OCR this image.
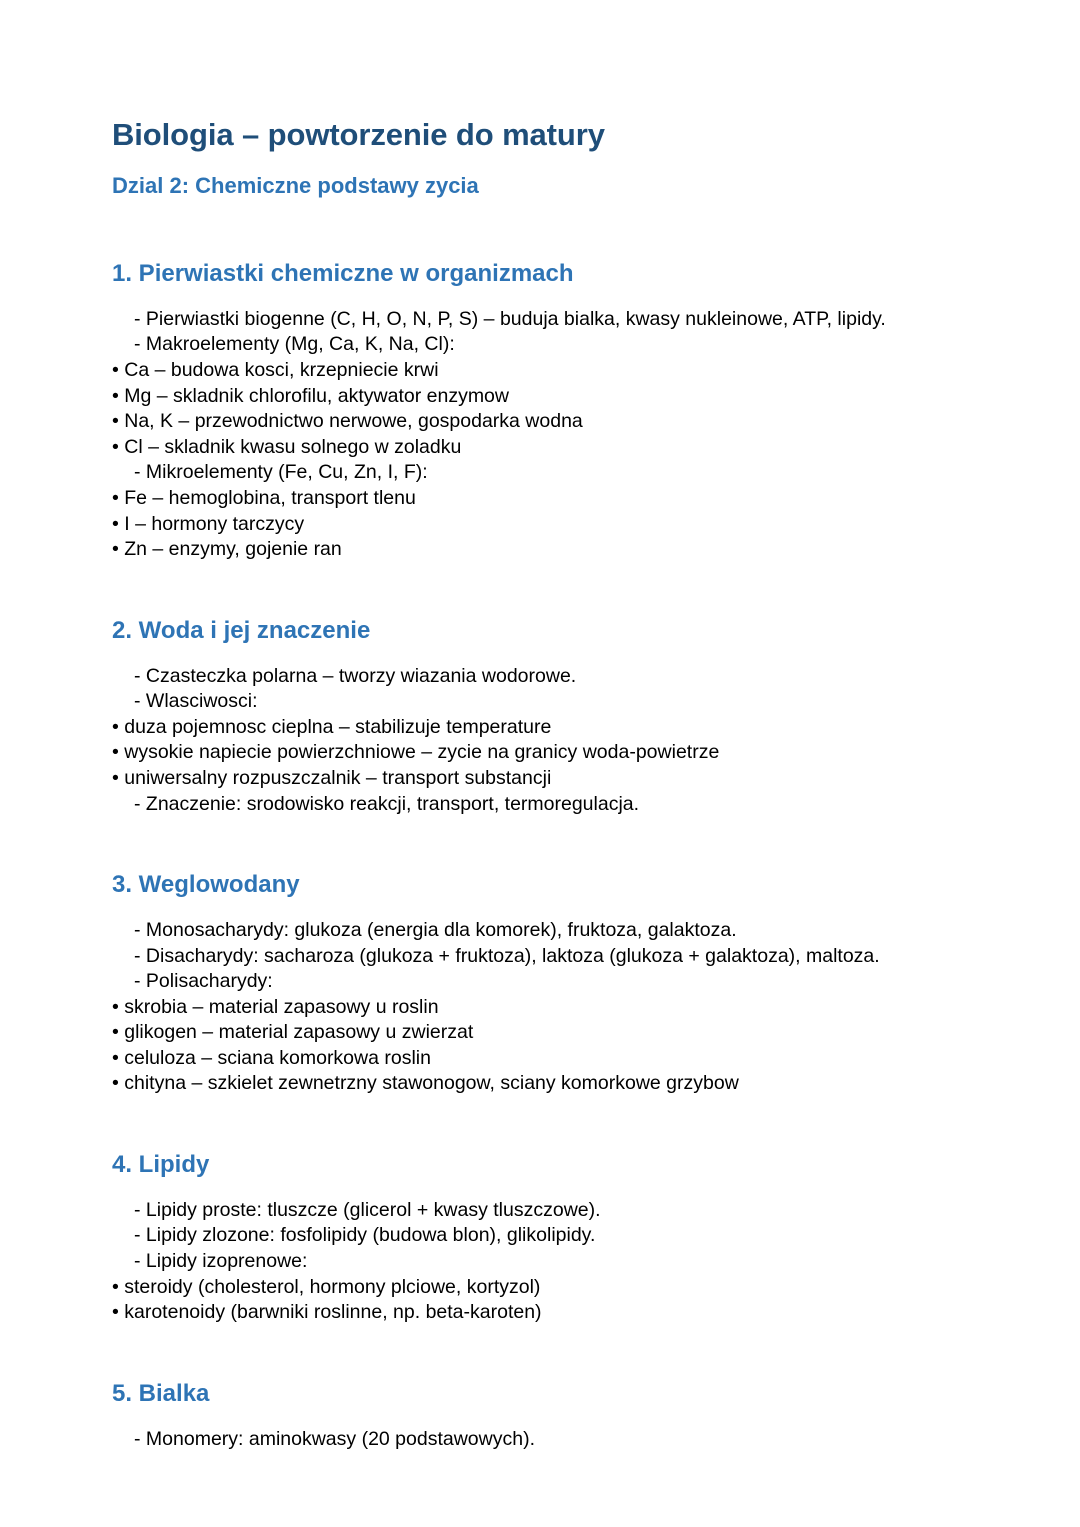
Biologia – powtorzenie do matury
Dzial 2: Chemiczne podstawy zycia
1. Pierwiastki chemiczne w organizmach
- Pierwiastki biogenne (C, H, O, N, P, S) – buduja bialka, kwasy nukleinowe, ATP, lipidy.
- Makroelementy (Mg, Ca, K, Na, Cl):
• Ca – budowa kosci, krzepniecie krwi
• Mg – skladnik chlorofilu, aktywator enzymow
• Na, K – przewodnictwo nerwowe, gospodarka wodna
• Cl – skladnik kwasu solnego w zoladku
- Mikroelementy (Fe, Cu, Zn, I, F):
• Fe – hemoglobina, transport tlenu
• I – hormony tarczycy
• Zn – enzymy, gojenie ran
2. Woda i jej znaczenie
- Czasteczka polarna – tworzy wiazania wodorowe.
- Wlasciwosci:
• duza pojemnosc cieplna – stabilizuje temperature
• wysokie napiecie powierzchniowe – zycie na granicy woda-powietrze
• uniwersalny rozpuszczalnik – transport substancji
- Znaczenie: srodowisko reakcji, transport, termoregulacja.
3. Weglowodany
- Monosacharydy: glukoza (energia dla komorek), fruktoza, galaktoza.
- Disacharydy: sacharoza (glukoza + fruktoza), laktoza (glukoza + galaktoza), maltoza.
- Polisacharydy:
• skrobia – material zapasowy u roslin
• glikogen – material zapasowy u zwierzat
• celuloza – sciana komorkowa roslin
• chityna – szkielet zewnetrzny stawonogow, sciany komorkowe grzybow
4. Lipidy
- Lipidy proste: tluszcze (glicerol + kwasy tluszczowe).
- Lipidy zlozone: fosfolipidy (budowa blon), glikolipidy.
- Lipidy izoprenowe:
• steroidy (cholesterol, hormony plciowe, kortyzol)
• karotenoidy (barwniki roslinne, np. beta-karoten)
5. Bialka
- Monomery: aminokwasy (20 podstawowych).
